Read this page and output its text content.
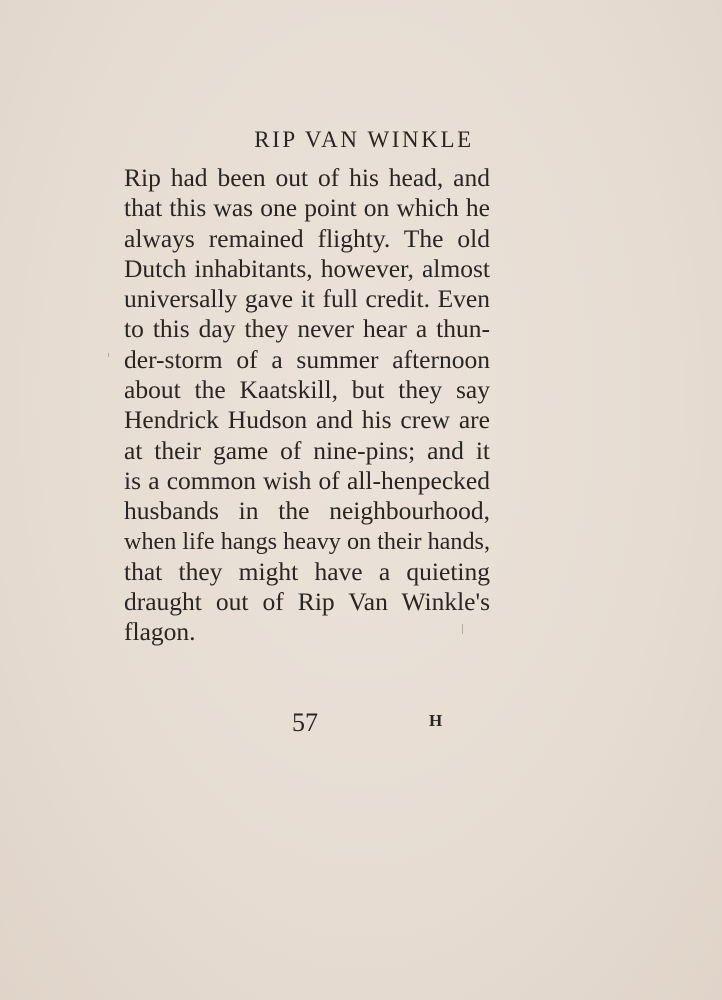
RIP VAN WINKLE
Rip had been out of his head, and
that this was one point on which he
always remained flighty. The old
Dutch inhabitants, however, almost
universally gave it full credit. Even
to this day they never hear a thun-
der-storm of a summer afternoon
about the Kaatskill, but they say
Hendrick Hudson and his crew are
at their game of nine-pins; and it
is a common wish of all-henpecked
husbands in the neighbourhood,
when life hangs heavy on their hands,
that they might have a quieting
draught out of Rip Van Winkle's
flagon.
57	H
